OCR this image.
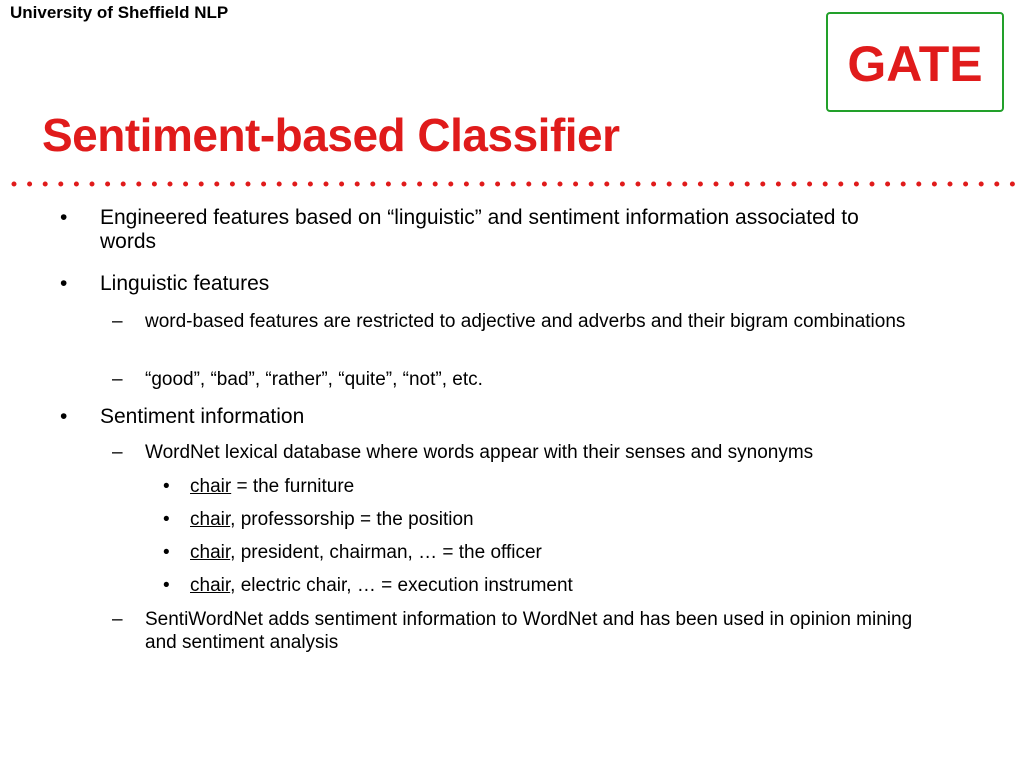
University of Sheffield NLP
GATE
Sentiment-based Classifier
• Engineered features based on “linguistic” and sentiment information associated to words
• Linguistic features
– word-based features are restricted to adjective and adverbs and their bigram combinations
– “good”, “bad”, “rather”, “quite”, “not”, etc.
• Sentiment information
– WordNet lexical database where words appear with their senses and synonyms
• chair = the furniture
• chair, professorship = the position
• chair, president, chairman, … = the officer
• chair, electric chair, … = execution instrument
– SentiWordNet adds sentiment information to WordNet and has been used in opinion mining and sentiment analysis
